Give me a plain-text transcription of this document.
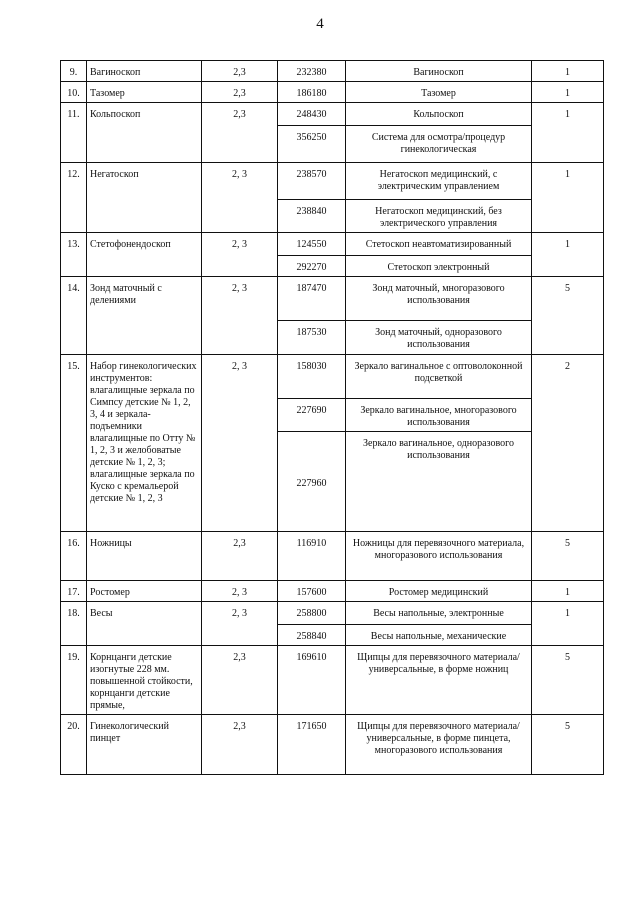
4
9.	Вагиноскоп	2,3	232380	Вагиноскоп	1
10.	Тазомер	2,3	186180	Тазомер	1
11.	Кольпоскоп	2,3	248430	Кольпоскоп	1
			356250	Система для осмотра/процедур гинекологическая	
12.	Негатоскоп	2, 3	238570	Негатоскоп медицинский, с электрическим управлением	1
			238840	Негатоскоп медицинский, без электрического управления	
13.	Стетофонендоскоп	2, 3	124550	Стетоскоп неавтоматизированный	1
			292270	Стетоскоп электронный	
14.	Зонд маточный с делениями	2, 3	187470	Зонд маточный, многоразового использования	5
			187530	Зонд маточный, одноразового использования	
15.	Набор гинекологических инструментов: влагалищные зеркала по Симпсу детские № 1, 2, 3, 4 и зеркала-подъемники влагалищные по Отту № 1, 2, 3 и желобоватые детские № 1, 2, 3; влагалищные зеркала по Куско с кремальерой детские № 1, 2, 3	2, 3	158030	Зеркало вагинальное с оптоволоконной подсветкой	2
			227690	Зеркало вагинальное, многоразового использования	
			227960	Зеркало вагинальное, одноразового использования	
16.	Ножницы	2,3	116910	Ножницы для перевязочного материала, многоразового использования	5
17.	Ростомер	2, 3	157600	Ростомер медицинский	1
18.	Весы	2, 3	258800	Весы напольные, электронные	1
			258840	Весы напольные, механические	
19.	Корнцанги детские изогнутые 228 мм. повышенной стойкости, корнцанги детские прямые,	2,3	169610	Щипцы для перевязочного материала/универсальные, в форме ножниц	5
20.	Гинекологический пинцет	2,3	171650	Щипцы для перевязочного материала/универсальные, в форме пинцета, многоразового использования	5
